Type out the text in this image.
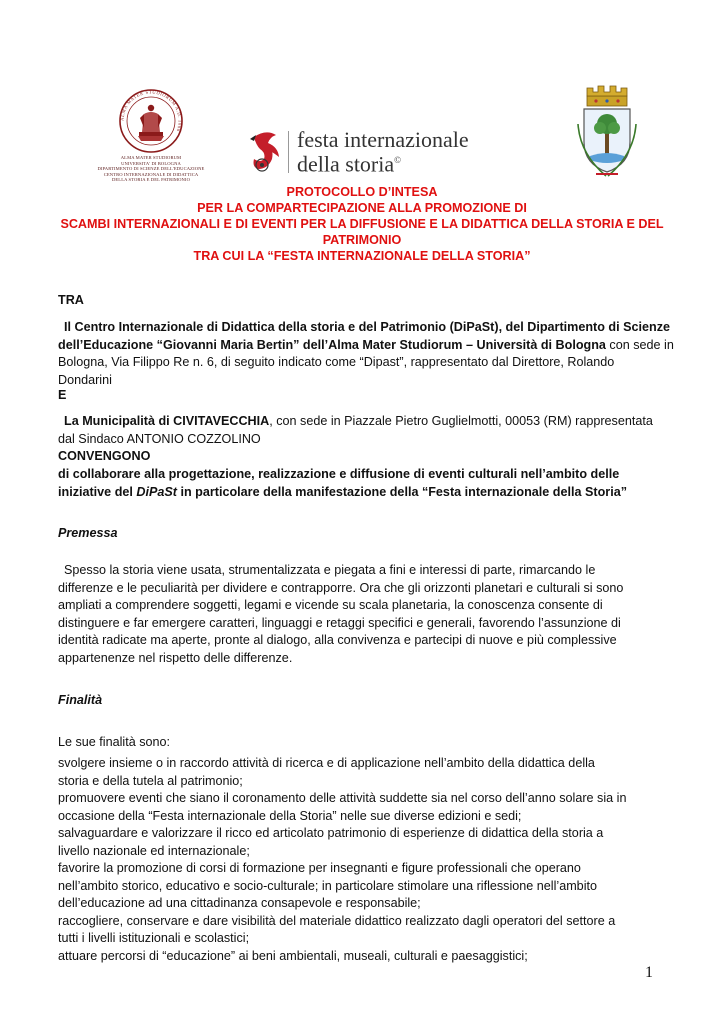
ALMA MATER STUDIORUM A.D. 1088
ALMA MATER STUDIORUM
UNIVERSITA' DI BOLOGNA
DIPARTIMENTO DI SCIENZE DELL'EDUCAZIONE
CENTRO INTERNAZIONALE DI DIDATTICA
DELLA STORIA E DEL PATRIMONIO
festa internazionale
della storia©
PROTOCOLLO D’INTESA
PER LA COMPARTECIPAZIONE ALLA PROMOZIONE DI
SCAMBI INTERNAZIONALI E DI EVENTI PER LA DIFFUSIONE E LA DIDATTICA DELLA STORIA E DEL
PATRIMONIO
TRA CUI LA “FESTA INTERNAZIONALE DELLA STORIA”
TRA
Il Centro Internazionale di Didattica della storia e del Patrimonio (DiPaSt), del Dipartimento di Scienze
dell’Educazione “Giovanni Maria Bertin” dell’Alma Mater Studiorum – Università di Bologna con sede in
Bologna, Via Filippo Re n. 6, di seguito indicato come “Dipast”, rappresentato dal Direttore, Rolando
Dondarini
E
La Municipalità di CIVITAVECCHIA, con sede in Piazzale Pietro Guglielmotti, 00053 (RM) rappresentata
dal Sindaco ANTONIO COZZOLINO
CONVENGONO
di collaborare alla progettazione, realizzazione e diffusione di eventi culturali nell’ambito delle
iniziative del DiPaSt in particolare della manifestazione della “Festa internazionale della Storia”
Premessa
Spesso la storia viene usata, strumentalizzata e piegata a fini e interessi di parte, rimarcando le
differenze e le peculiarità per dividere e contrapporre. Ora che gli orizzonti planetari e culturali si sono
ampliati a comprendere soggetti, legami e vicende su scala planetaria, la conoscenza consente di
distinguere e far emergere caratteri, linguaggi e retaggi specifici e generali, favorendo l’assunzione di
identità radicate ma aperte, pronte al dialogo, alla convivenza e partecipi di nuove e più complessive
appartenenze nel rispetto delle differenze.
Finalità
Le sue finalità sono:
svolgere insieme o in raccordo attività di ricerca e di applicazione nell’ambito della didattica della
storia e della tutela al patrimonio;
promuovere eventi che siano il coronamento delle attività suddette sia nel corso dell’anno solare sia in
occasione della “Festa internazionale della Storia” nelle sue diverse edizioni e sedi;
salvaguardare e valorizzare il ricco ed articolato patrimonio di esperienze di didattica della storia a
livello nazionale ed internazionale;
favorire la promozione di corsi di formazione per insegnanti e figure professionali che operano
nell’ambito storico, educativo e socio-culturale; in particolare stimolare una riflessione nell’ambito
dell’educazione ad una cittadinanza consapevole e responsabile;
raccogliere, conservare e dare visibilità del materiale didattico realizzato dagli operatori del settore a
tutti i livelli istituzionali e scolastici;
attuare percorsi di “educazione” ai beni ambientali, museali, culturali e paesaggistici;
1
